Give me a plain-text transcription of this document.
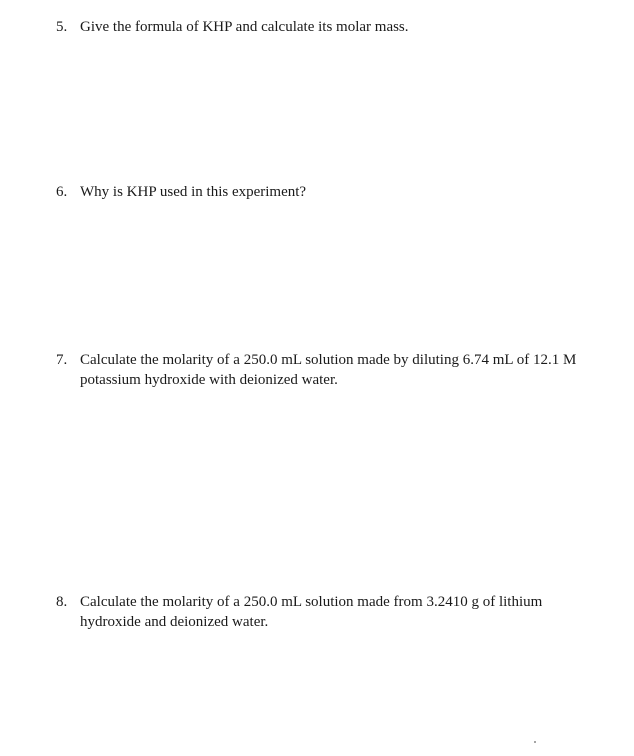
5. Give the formula of KHP and calculate its molar mass.
6. Why is KHP used in this experiment?
7. Calculate the molarity of a 250.0 mL solution made by diluting 6.74 mL of 12.1 M potassium hydroxide with deionized water.
8. Calculate the molarity of a 250.0 mL solution made from 3.2410 g of lithium hydroxide and deionized water.
